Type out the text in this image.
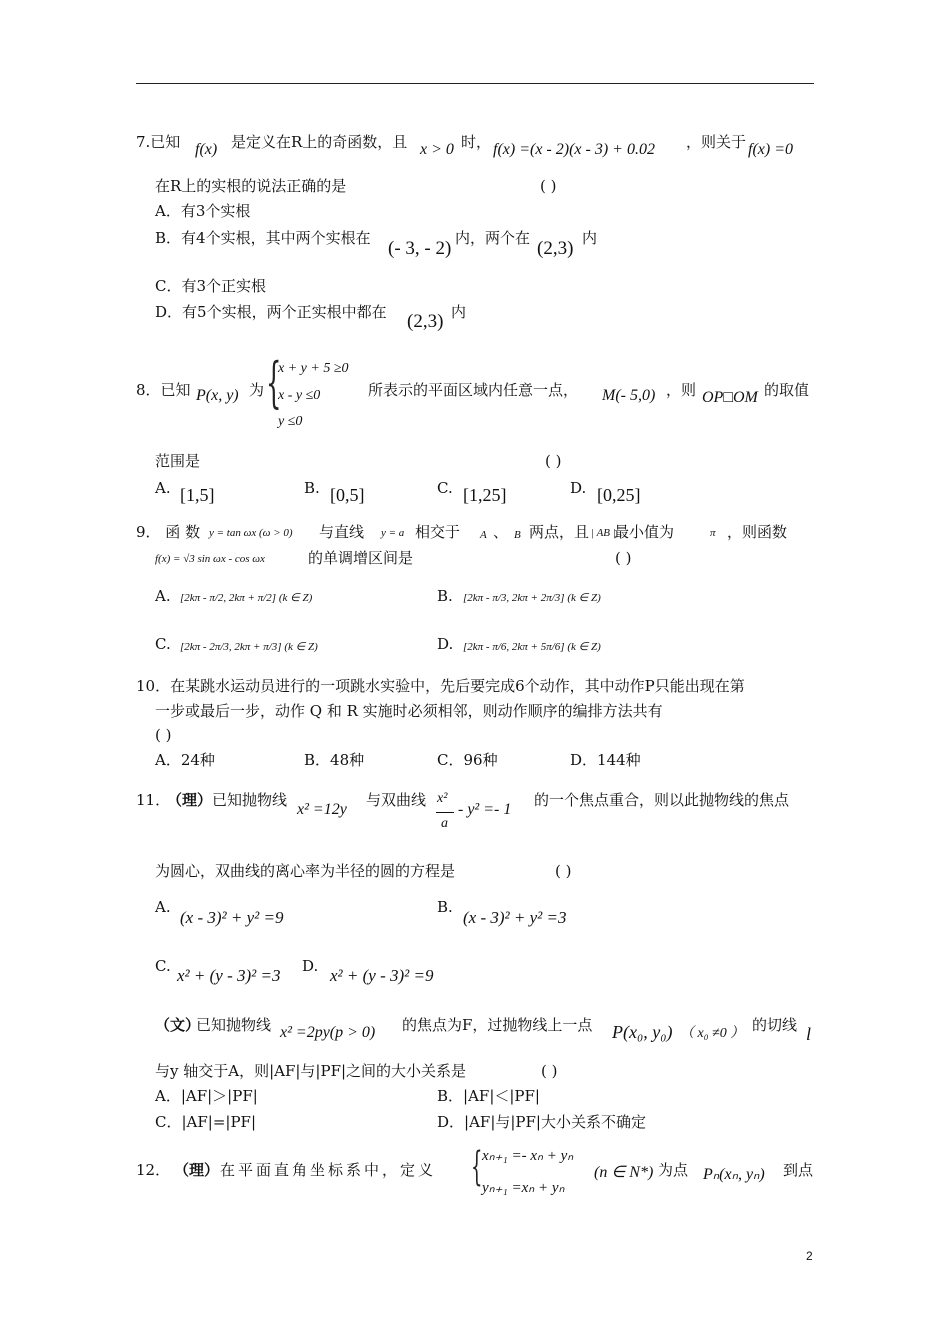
7.已知 f(x) 是定义在R上的奇函数，且 x > 0 时， f(x) =(x - 2)(x - 3) + 0.02 ，则关于 f(x) =0
在R上的实根的说法正确的是	( )
A．有3个实根
B．有4个实根，其中两个实根在 (- 3, - 2) 内，两个在 (2,3) 内
C．有3个正实根
D．有5个实根，两个正实根中都在 (2,3) 内
8．已知 P(x, y) 为 {
x + y + 5 ≥0
x - y ≤0
y ≤0
所表示的平面区域内任意一点， M(- 5,0) ，则 OP□OM 的取值
范围是	( )
A. [1,5]	B. [0,5]	C. [1,25]	D. [0,25]
9． 函 数 y = tan ωx (ω > 0) 与直线 y = a 相交于 A 、 B 两点，且 | AB |
最小值为	π ，则函数
f(x) = √3 sin ωx - cos ωx	的单调增区间是	( )
A. [2kπ - π/2, 2kπ + π/2] (k ∈ Z)	B. [2kπ - π/3, 2kπ + 2π/3] (k ∈ Z)
C. [2kπ - 2π/3, 2kπ + π/3] (k ∈ Z)	D. [2kπ - π/6, 2kπ + 5π/6] (k ∈ Z)
10．在某跳水运动员进行的一项跳水实验中，先后要完成6个动作，其中动作P只能出现在第
一步或最后一步，动作 Q 和 R 实施时必须相邻，则动作顺序的编排方法共有
( )
A．24种	B．48种	C．96种	D．144种
11．
（理） 已知抛物线
x² =12y
与双曲线 x²
a
- y² =- 1
的一个焦点重合，则以此抛物线的焦点
为圆心，双曲线的离心率为半径的圆的方程是	( )
A.
(x - 3)² + y² =9
B.
(x - 3)² + y² =3
C. x² + (y - 3)² =3 D. x² + (y - 3)² =9
（文）
已知抛物线 x² =2py(p > 0) 的焦点为F，过抛物线上一点 P(x₀, y₀) （ x₀ ≠0 ） 的切线 l
与y 轴交于A，则|AF|与|PF|之间的大小关系是	( )
A．|AF|＞|PF|	B．|AF|＜|PF|
C．|AF|=|PF|	D．|AF|与|PF|大小关系不确定
12． （理） 在平面直角坐标系中，定义 { xₙ₊₁ =- xₙ + yₙ
yₙ₊₁ =xₙ + yₙ
(n ∈ N*) 为点 Pₙ(xₙ, yₙ) 到点
2
